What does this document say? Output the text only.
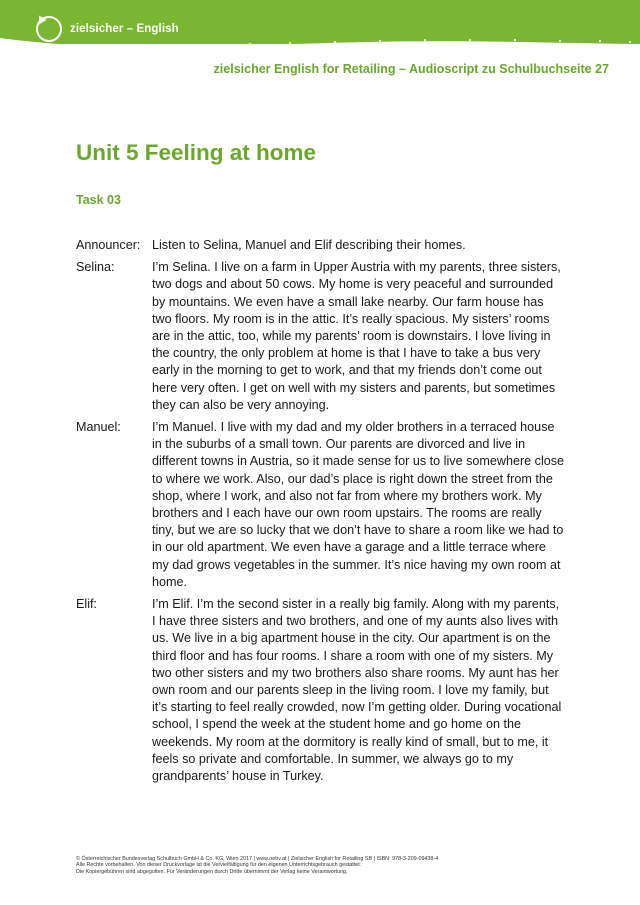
zielsicher – English
zielsicher English for Retailing – Audioscript zu Schulbuchseite 27
Unit 5 Feeling at home
Task 03
Announcer: Listen to Selina, Manuel and Elif describing their homes.
Selina:	I’m Selina. I live on a farm in Upper Austria with my parents, three sisters, two dogs and about 50 cows. My home is very peaceful and surrounded by mountains. We even have a small lake nearby. Our farm house has two floors. My room is in the attic. It’s really spacious. My sisters’ rooms are in the attic, too, while my parents’ room is downstairs. I love living in the country, the only problem at home is that I have to take a bus very early in the morning to get to work, and that my friends don’t come out here very often. I get on well with my sisters and parents, but sometimes they can also be very annoying.
Manuel:	I’m Manuel. I live with my dad and my older brothers in a terraced house in the suburbs of a small town. Our parents are divorced and live in different towns in Austria, so it made sense for us to live somewhere close to where we work. Also, our dad’s place is right down the street from the shop, where I work, and also not far from where my brothers work. My brothers and I each have our own room upstairs. The rooms are really tiny, but we are so lucky that we don’t have to share a room like we had to in our old apartment. We even have a garage and a little terrace where my dad grows vegetables in the summer. It’s nice having my own room at home.
Elif:	I’m Elif. I’m the second sister in a really big family. Along with my parents, I have three sisters and two brothers, and one of my aunts also lives with us. We live in a big apartment house in the city. Our apartment is on the third floor and has four rooms. I share a room with one of my sisters. My two other sisters and my two brothers also share rooms. My aunt has her own room and our parents sleep in the living room. I love my family, but it’s starting to feel really crowded, now I’m getting older. During vocational school, I spend the week at the student home and go home on the weekends. My room at the dormitory is really kind of small, but to me, it feels so private and comfortable. In summer, we always go to my grandparents’ house in Turkey.
© Österreichischer Bundesverlag Schulbuch GmbH & Co. KG, Wien 2017 | www.oebv.at | Zielsicher English for Retailing SB | ISBN: 978-3-209-09438-4
Alle Rechte vorbehalten. Von dieser Druckvorlage ist die Vervielfältigung für den eigenen Unterrichtsgebrauch gestattet.
Die Kopiergebühren sind abgegolten. Für Veränderungen durch Dritte übernimmt der Verlag keine Verantwortung.
